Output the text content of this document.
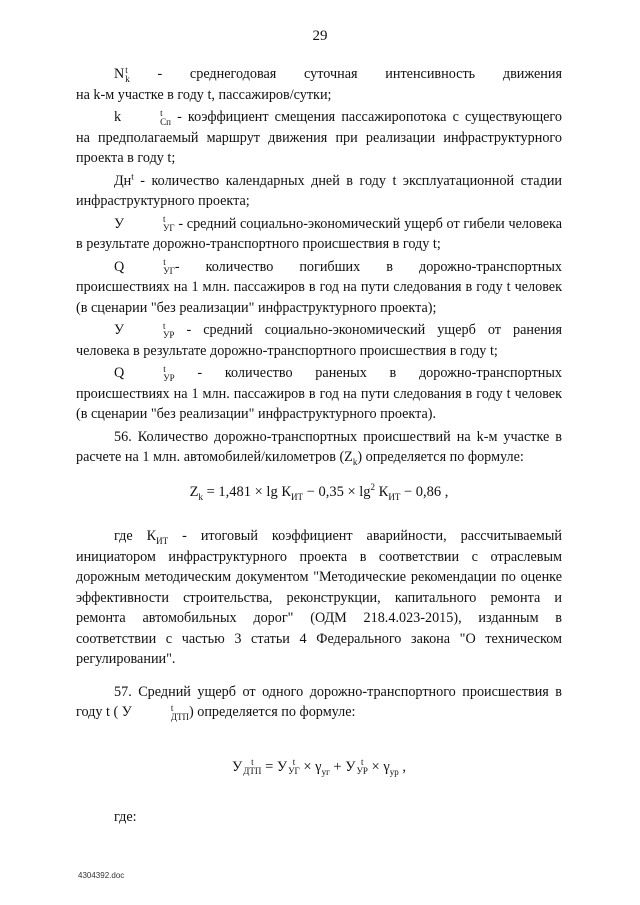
29
N t
k - среднегодовая суточная интенсивность движения
на k-м участке в году t, пассажиров/сутки;
k	t
Сп - коэффициент смещения пассажиропотока с существующего на предполагаемый маршрут движения при реализации инфраструктурного проекта в году t;
$Дн^t$ - количество календарных дней в году t эксплуатационной стадии инфраструктурного проекта;
У	t
УГ - средний социально-экономический ущерб от гибели человека в результате дорожно-транспортного происшествия в году t;
Q	t
УГ - количество погибших в дорожно-транспортных происшествиях на 1 млн. пассажиров в год на пути следования в году t человек (в сценарии "без реализации" инфраструктурного проекта);
У	t
УР - средний социально-экономический ущерб от ранения человека в результате дорожно-транспортного происшествия в году t;
Q	t
УР - количество раненых в дорожно-транспортных происшествиях на 1 млн. пассажиров в год на пути следования в году t человек (в сценарии "без реализации" инфраструктурного проекта).
56. Количество дорожно-транспортных происшествий на k-м участке в расчете на 1 млн. автомобилей/километров $(Z_k)$ определяется по формуле:
$Z_k = 1,481 \times \lg К_{ИТ} - 0,35 \times \lg^2 К_{ИТ} - 0,86$ ,
где $К_{ИТ}$ - итоговый коэффициент аварийности, рассчитываемый инициатором инфраструктурного проекта в соответствии с отраслевым дорожным методическим документом "Методические рекомендации по оценке эффективности строительства, реконструкции, капитального ремонта и ремонта автомобильных дорог" (ОДМ 218.4.023-2015), изданным в соответствии с частью 3 статьи 4 Федерального закона "О техническом регулировании".
57. Средний ущерб от одного дорожно-транспортного происшествия в году t ( У	t
ДТП ) определяется по формуле:
У t
ДТП = У t
УГ × $\gamma_{уг} + У$ t
УР × $\gamma_{ур}$ ,
где:
4304392.doc
